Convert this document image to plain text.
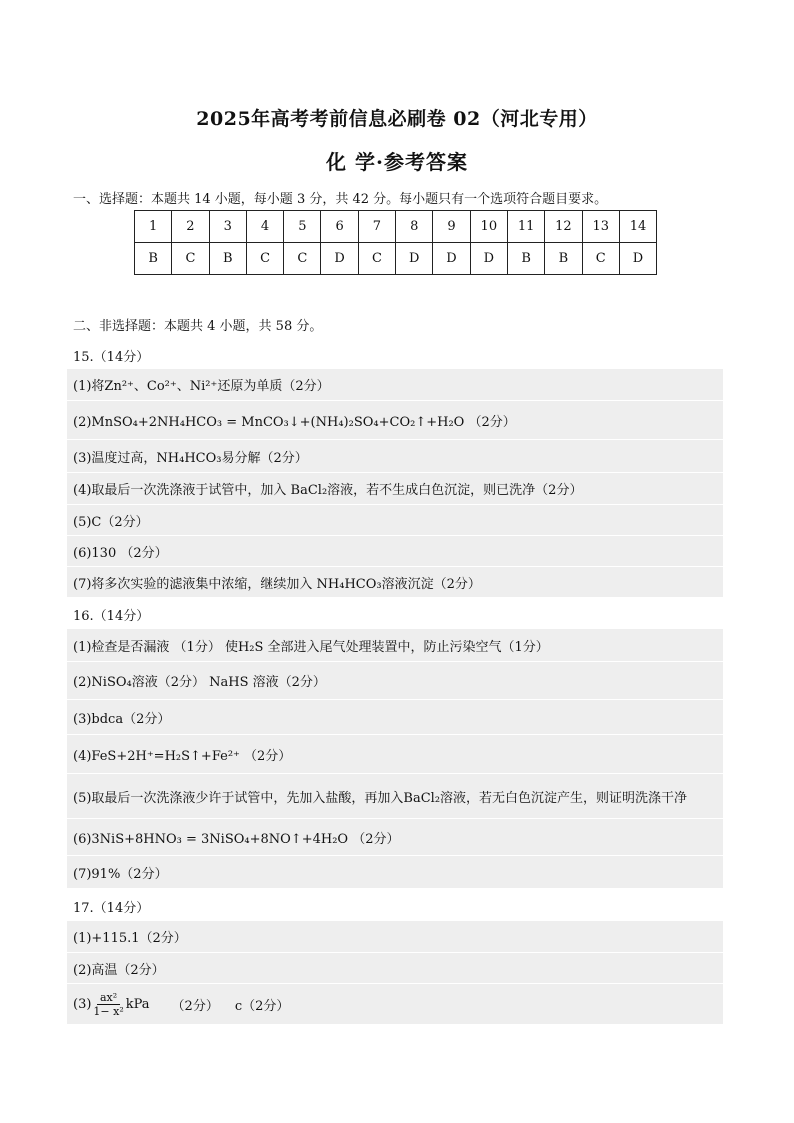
2025年高考考前信息必刷卷 02（河北专用）
化 学·参考答案
一、选择题：本题共 14 小题，每小题 3 分，共 42 分。每小题只有一个选项符合题目要求。
1	2	3	4	5	6	7	8	9	10	11	12	13	14
B	C	B	C	C	D	C	D	D	D	B	B	C	D
二、非选择题：本题共 4 小题，共 58 分。
15.（14分）
(1)将Zn²⁺、Co²⁺、Ni²⁺还原为单质（2分）
(2)MnSO₄+2NH₄HCO₃ = MnCO₃↓+(NH₄)₂SO₄+CO₂↑+H₂O （2分）
(3)温度过高，NH₄HCO₃易分解（2分）
(4)取最后一次洗涤液于试管中，加入 BaCl₂溶液，若不生成白色沉淀，则已洗净（2分）
(5)C（2分）
(6)130 （2分）
(7)将多次实验的滤液集中浓缩，继续加入 NH₄HCO₃溶液沉淀（2分）
16.（14分）
(1)检查是否漏液 （1分） 使H₂S 全部进入尾气处理装置中，防止污染空气（1分）
(2)NiSO₄溶液（2分） NaHS 溶液（2分）
(3)bdca（2分）
(4)FeS+2H⁺=H₂S↑+Fe²⁺ （2分）
(5)取最后一次洗涤液少许于试管中，先加入盐酸，再加入BaCl₂溶液，若无白色沉淀产生，则证明洗涤干净
(6)3NiS+8HNO₃ = 3NiSO₄+8NO↑+4H₂O （2分）
(7)91%（2分）
17.（14分）
(1)+115.1（2分）
(2)高温（2分）
$(3) \frac{\text{ax²}}{\text{1− x²}}$ kPa （2分） c（2分）
